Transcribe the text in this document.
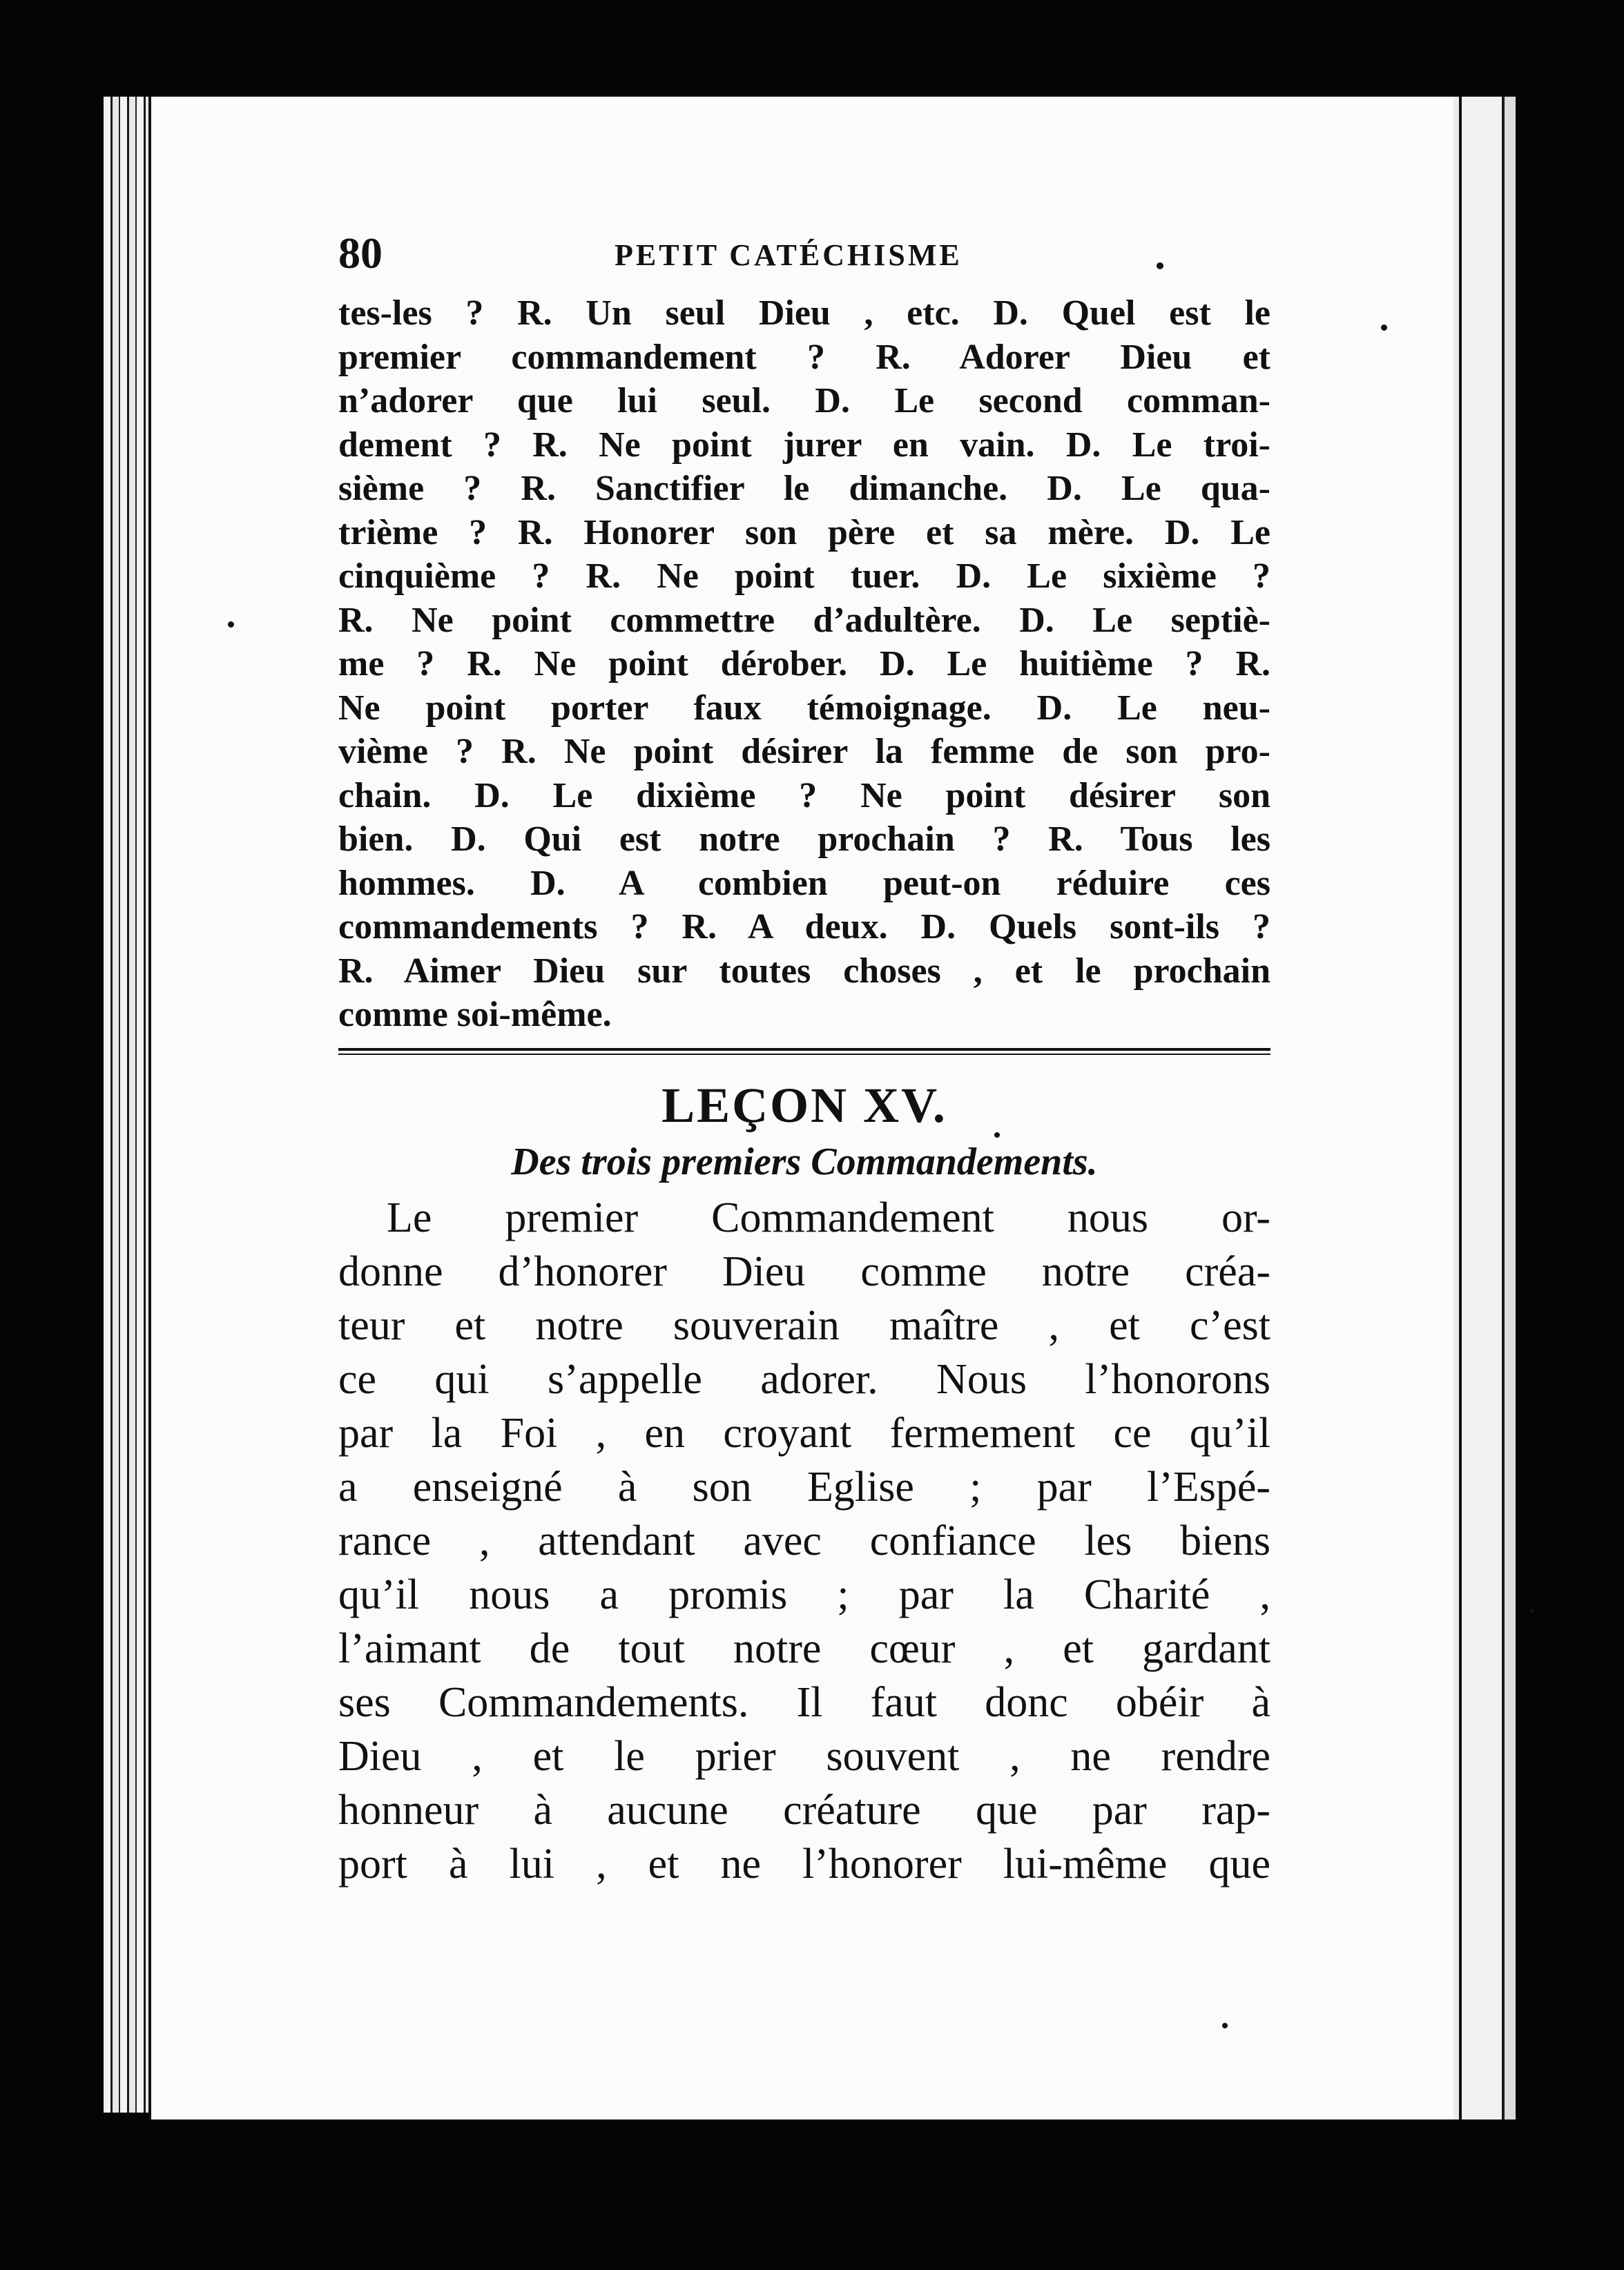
80	PETIT CATÉCHISME

tes-les ? R. Un seul Dieu , etc. D. Quel est le
premier commandement ? R. Adorer Dieu et
n’adorer que lui seul. D. Le second comman-
dement ? R. Ne point jurer en vain. D. Le troi-
sième ? R. Sanctifier le dimanche. D. Le qua-
trième ? R. Honorer son père et sa mère. D. Le
cinquième ? R. Ne point tuer. D. Le sixième ?
R. Ne point commettre d’adultère. D. Le septiè-
me ? R. Ne point dérober. D. Le huitième ? R.
Ne point porter faux témoignage. D. Le neu-
vième ? R. Ne point désirer la femme de son pro-
chain. D. Le dixième ? Ne point désirer son
bien. D. Qui est notre prochain ? R. Tous les
hommes. D. A combien peut-on réduire ces
commandements ? R. A deux. D. Quels sont-ils ?
R. Aimer Dieu sur toutes choses , et le prochain
comme soi-même.

LEÇON XV.
Des trois premiers Commandements.

Le premier Commandement nous or-
donne d’honorer Dieu comme notre créa-
teur et notre souverain maître , et c’est
ce qui s’appelle adorer. Nous l’honorons
par la Foi , en croyant fermement ce qu’il
a enseigné à son Eglise ; par l’Espé-
rance , attendant avec confiance les biens
qu’il nous a promis ; par la Charité ,
l’aimant de tout notre cœur , et gardant
ses Commandements. Il faut donc obéir à
Dieu , et le prier souvent , ne rendre
honneur à aucune créature que par rap-
port à lui , et ne l’honorer lui-même que
